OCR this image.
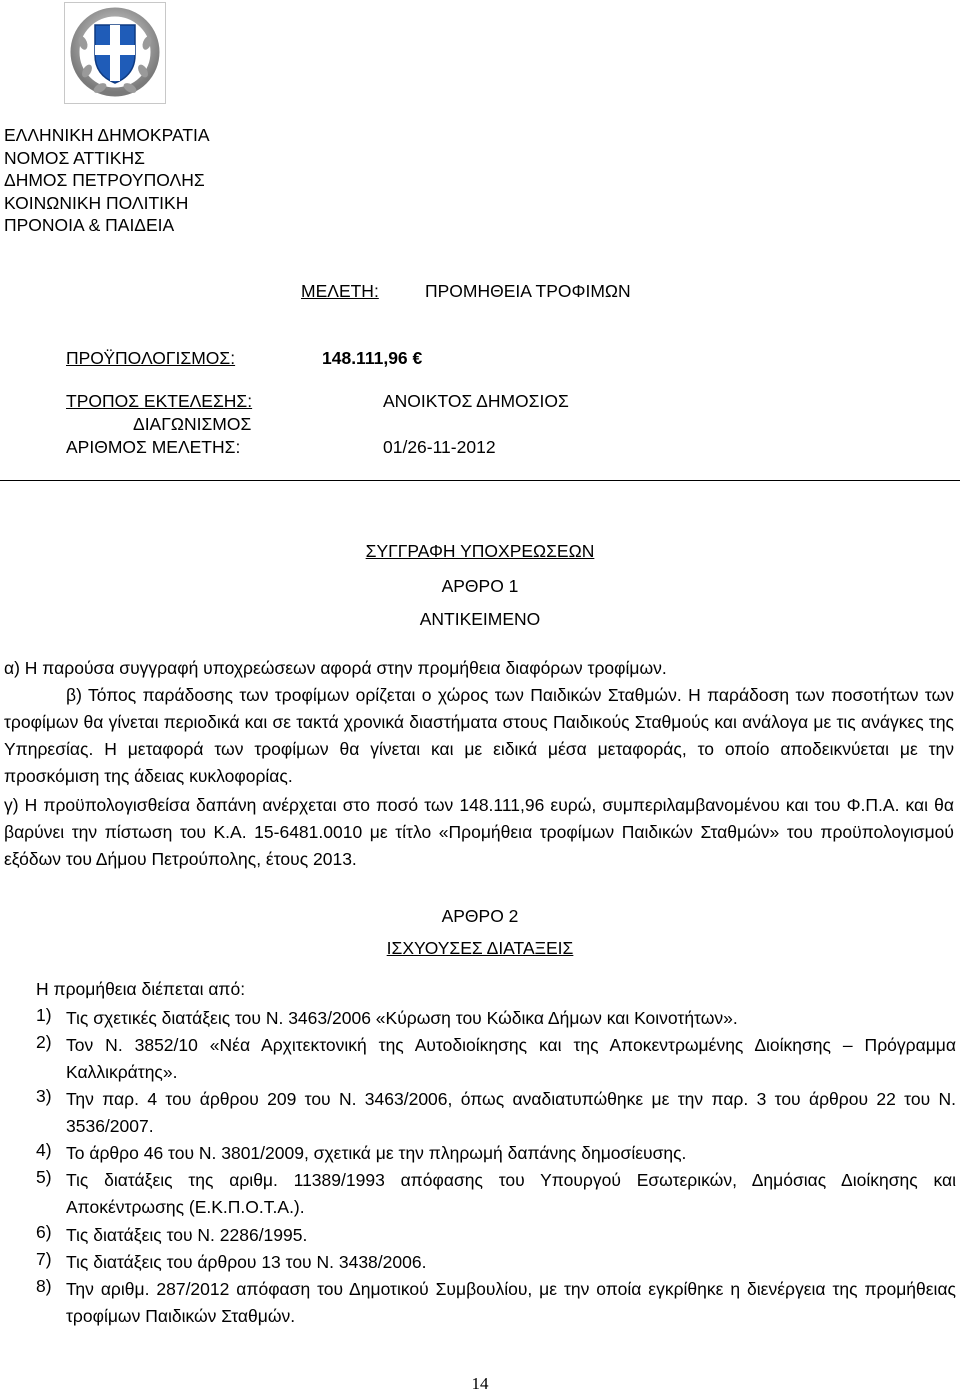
ΕΛΛΗΝΙΚΗ ΔΗΜΟΚΡΑΤΙΑ
ΝΟΜΟΣ ΑΤΤΙΚΗΣ
ΔΗΜΟΣ ΠΕΤΡΟΥΠΟΛΗΣ
ΚΟΙΝΩΝΙΚΗ ΠΟΛΙΤΙΚΗ
ΠΡΟΝΟΙΑ & ΠΑΙΔΕΙΑ
ΜΕΛΕΤΗ:	ΠΡΟΜΗΘΕΙΑ ΤΡΟΦΙΜΩΝ
ΠΡΟΫΠΟΛΟΓΙΣΜΟΣ:	148.111,96 €
ΤΡΟΠΟΣ ΕΚΤΕΛΕΣΗΣ:	ΑΝΟΙΚΤΟΣ ΔΗΜΟΣΙΟΣ
ΔΙΑΓΩΝΙΣΜΟΣ
ΑΡΙΘΜΟΣ ΜΕΛΕΤΗΣ:	01/26-11-2012
ΣΥΓΓΡΑΦΗ ΥΠΟΧΡΕΩΣΕΩΝ
ΑΡΘΡΟ 1
ΑΝΤΙΚΕΙΜΕΝΟ
α) Η παρούσα συγγραφή υποχρεώσεων αφορά στην προμήθεια διαφόρων τροφίμων.
β) Τόπος παράδοσης των τροφίμων ορίζεται ο χώρος των Παιδικών Σταθμών. Η παράδοση των ποσοτήτων των τροφίμων θα γίνεται περιοδικά και σε τακτά χρονικά διαστήματα στους Παιδικούς Σταθμούς και ανάλογα με τις ανάγκες της Υπηρεσίας. Η μεταφορά των τροφίμων θα γίνεται και με ειδικά μέσα μεταφοράς, το οποίο αποδεικνύεται με την προσκόμιση της άδειας κυκλοφορίας.
γ) Η προϋπολογισθείσα δαπάνη ανέρχεται στο ποσό των 148.111,96 ευρώ, συμπεριλαμβανομένου και του Φ.Π.Α. και θα βαρύνει την πίστωση του Κ.Α. 15-6481.0010 με τίτλο «Προμήθεια τροφίμων Παιδικών Σταθμών» του προϋπολογισμού εξόδων του Δήμου Πετρούπολης, έτους 2013.
ΑΡΘΡΟ 2
ΙΣΧΥΟΥΣΕΣ ΔΙΑΤΑΞΕΙΣ
Η προμήθεια διέπεται από:
1) Τις σχετικές διατάξεις του Ν. 3463/2006 «Κύρωση του Κώδικα Δήμων και Κοινοτήτων».
2) Τον Ν. 3852/10 «Νέα Αρχιτεκτονική της Αυτοδιοίκησης και της Αποκεντρωμένης Διοίκησης – Πρόγραμμα Καλλικράτης».
3) Την παρ. 4 του άρθρου 209 του Ν. 3463/2006, όπως αναδιατυπώθηκε με την παρ. 3 του άρθρου 22 του Ν. 3536/2007.
4) Το άρθρο 46 του Ν. 3801/2009, σχετικά με την πληρωμή δαπάνης δημοσίευσης.
5) Τις διατάξεις της αριθμ. 11389/1993 απόφασης του Υπουργού Εσωτερικών, Δημόσιας Διοίκησης και Αποκέντρωσης (Ε.Κ.Π.Ο.Τ.Α.).
6) Τις διατάξεις του Ν. 2286/1995.
7) Τις διατάξεις του άρθρου 13 του Ν. 3438/2006.
8) Την αριθμ. 287/2012 απόφαση του Δημοτικού Συμβουλίου, με την οποία εγκρίθηκε η διενέργεια της προμήθειας τροφίμων Παιδικών Σταθμών.
14
